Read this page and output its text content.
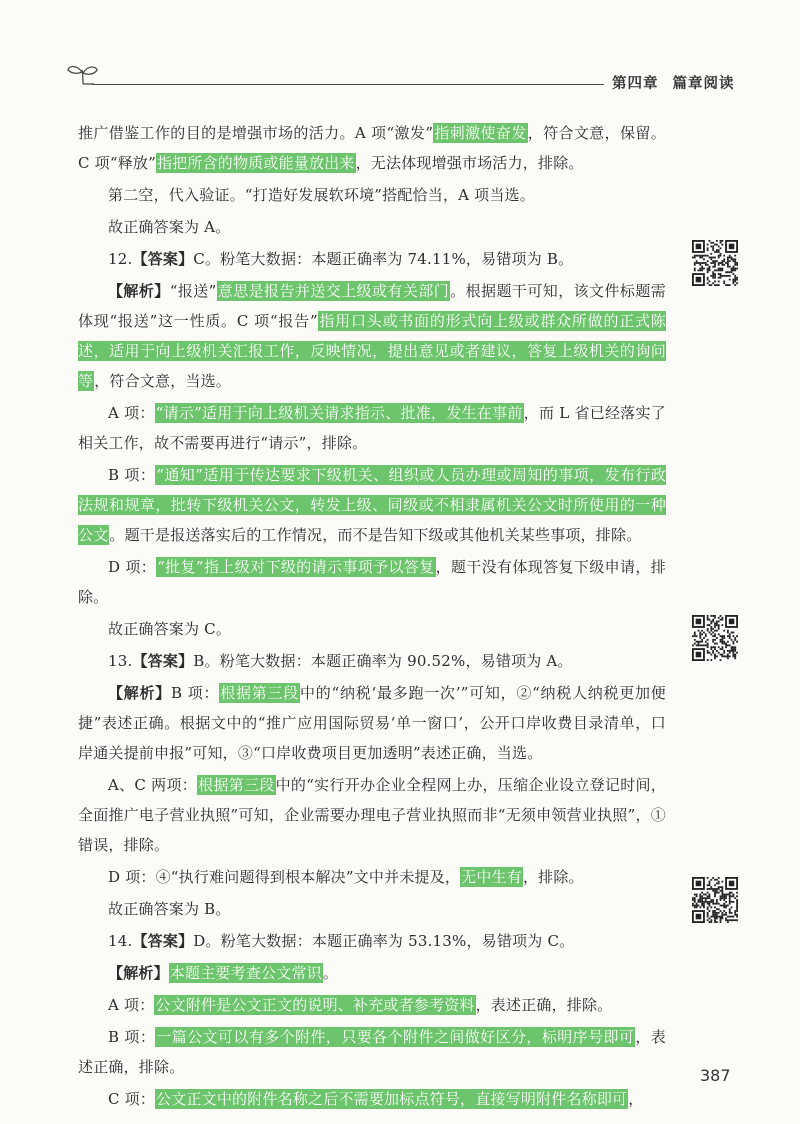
第四章 篇章阅读

推广借鉴工作的目的是增强市场的活力。A 项“激发”指刺激使奋发，符合文意，保留。C 项“释放”指把所含的物质或能量放出来，无法体现增强市场活力，排除。

第二空，代入验证。“打造好发展软环境”搭配恰当，A 项当选。

故正确答案为 A。

12.【答案】C。粉笔大数据：本题正确率为 74.11%，易错项为 B。

【解析】“报送”意思是报告并送交上级或有关部门。根据题干可知，该文件标题需体现“报送”这一性质。C 项“报告”指用口头或书面的形式向上级或群众所做的正式陈述，适用于向上级机关汇报工作，反映情况，提出意见或者建议，答复上级机关的询问等，符合文意，当选。

A 项：“请示”适用于向上级机关请求指示、批准，发生在事前，而 L 省已经落实了相关工作，故不需要再进行“请示”，排除。

B 项：“通知”适用于传达要求下级机关、组织或人员办理或周知的事项，发布行政法规和规章，批转下级机关公文，转发上级、同级或不相隶属机关公文时所使用的一种公文。题干是报送落实后的工作情况，而不是告知下级或其他机关某些事项，排除。

D 项：“批复”指上级对下级的请示事项予以答复，题干没有体现答复下级申请，排除。

故正确答案为 C。

13.【答案】B。粉笔大数据：本题正确率为 90.52%，易错项为 A。

【解析】B 项：根据第三段中的“纳税‘最多跑一次’”可知，②“纳税人纳税更加便捷”表述正确。根据文中的“推广应用国际贸易‘单一窗口’，公开口岸收费目录清单，口岸通关提前申报”可知，③“口岸收费项目更加透明”表述正确，当选。

A、C 两项：根据第三段中的“实行开办企业全程网上办，压缩企业设立登记时间，全面推广电子营业执照”可知，企业需要办理电子营业执照而非“无须申领营业执照”，①错误，排除。

D 项：④“执行难问题得到根本解决”文中并未提及，无中生有，排除。

故正确答案为 B。

14.【答案】D。粉笔大数据：本题正确率为 53.13%，易错项为 C。

【解析】本题主要考查公文常识。

A 项：公文附件是公文正文的说明、补充或者参考资料，表述正确，排除。

B 项：一篇公文可以有多个附件，只要各个附件之间做好区分，标明序号即可，表述正确，排除。

C 项：公文正文中的附件名称之后不需要加标点符号，直接写明附件名称即可，

387
